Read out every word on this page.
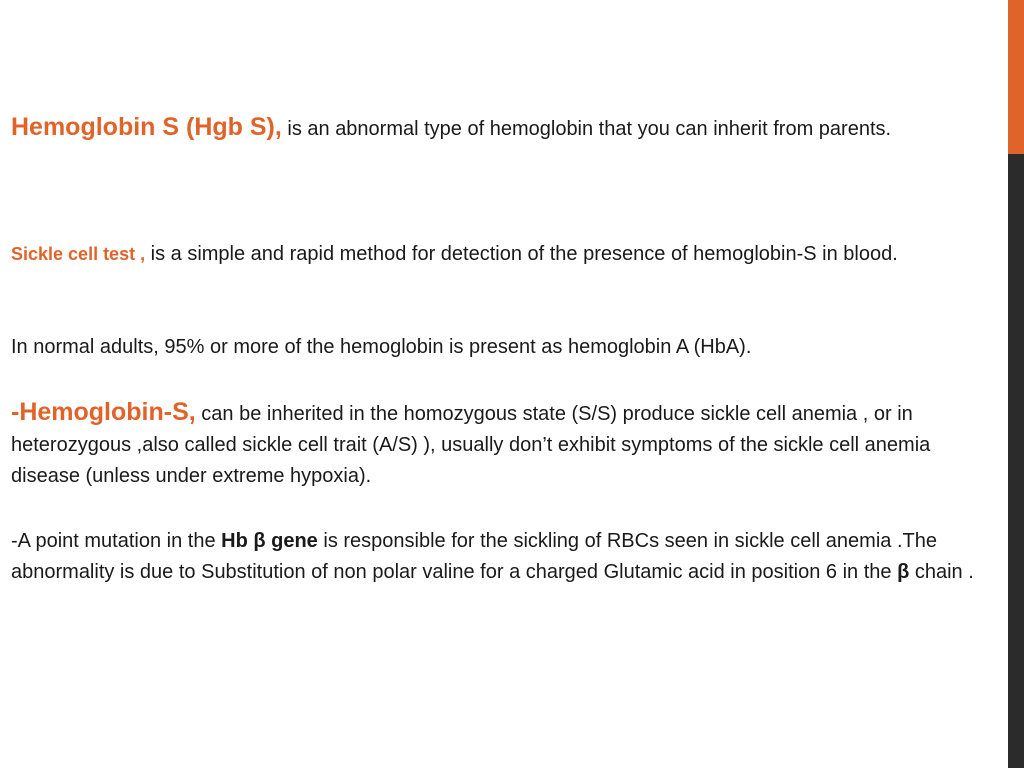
Hemoglobin S (Hgb S), is an abnormal type of hemoglobin that you can inherit from parents.

Sickle cell test , is a simple and rapid method for detection of the presence of hemoglobin-S in blood.

In normal adults, 95% or more of the hemoglobin is present as hemoglobin A (HbA).

-Hemoglobin-S, can be inherited in the homozygous state (S/S) produce sickle cell anemia , or in heterozygous ,also called sickle cell trait (A/S) ), usually don’t exhibit symptoms of the sickle cell anemia disease (unless under extreme hypoxia).

-A point mutation in the Hb β gene is responsible for the sickling of RBCs seen in sickle cell anemia .The abnormality is due to Substitution of non polar valine for a charged Glutamic acid in position 6 in the β chain .
